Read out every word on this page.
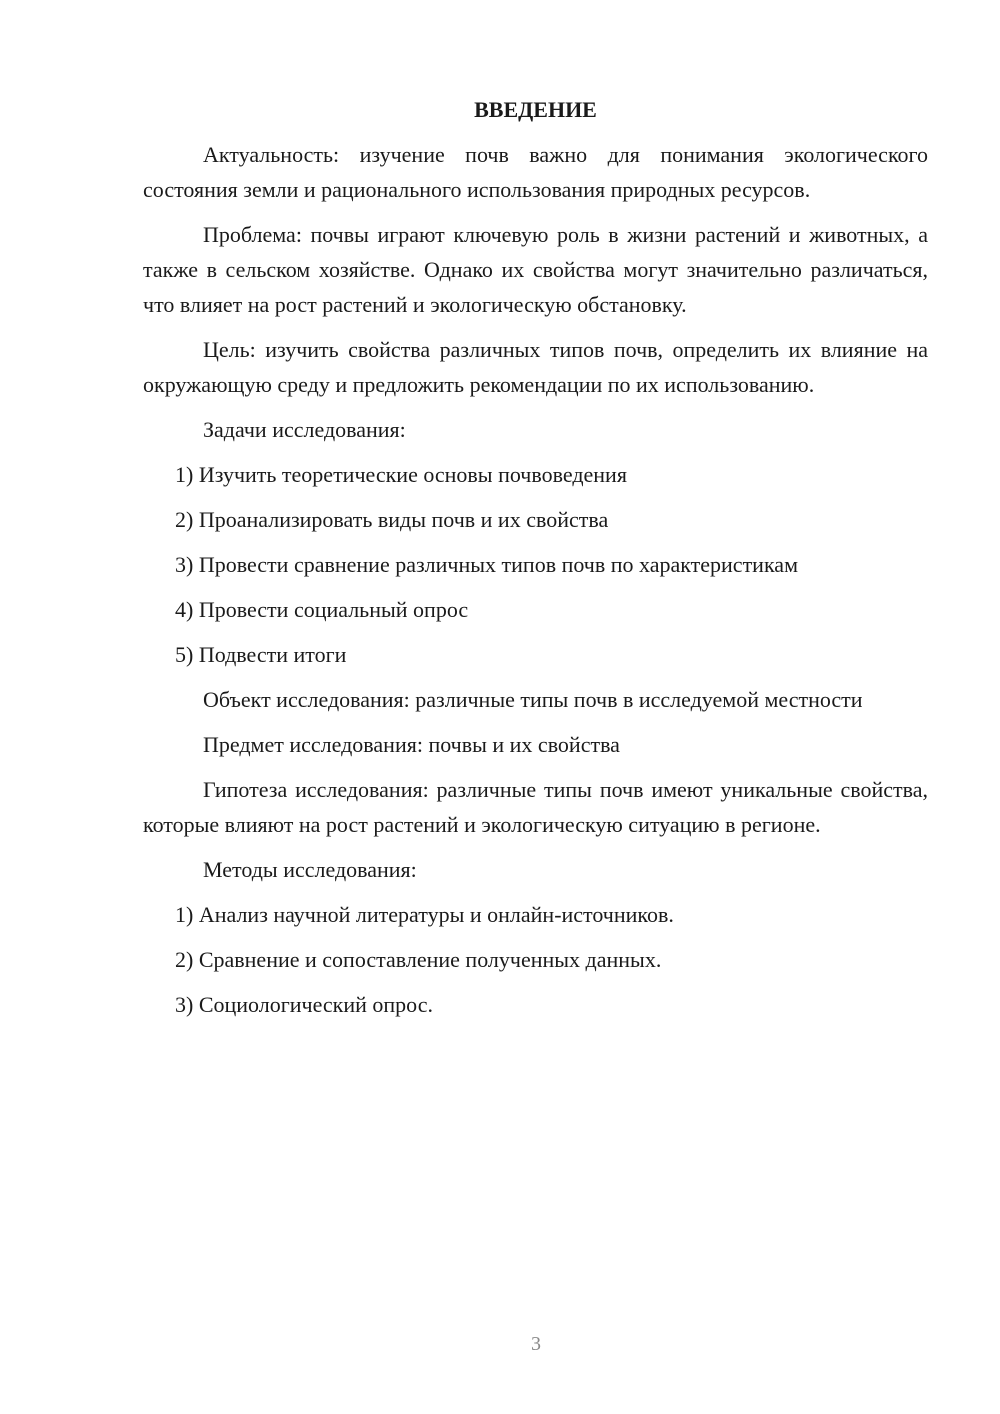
ВВЕДЕНИЕ

Актуальность: изучение почв важно для понимания экологического состояния земли и рационального использования природных ресурсов.

Проблема: почвы играют ключевую роль в жизни растений и животных, а также в сельском хозяйстве. Однако их свойства могут значительно различаться, что влияет на рост растений и экологическую обстановку.

Цель: изучить свойства различных типов почв, определить их влияние на окружающую среду и предложить рекомендации по их использованию.

Задачи исследования:

1) Изучить теоретические основы почвоведения
2) Проанализировать виды почв и их свойства
3) Провести сравнение различных типов почв по характеристикам
4) Провести социальный опрос
5) Подвести итоги

Объект исследования: различные типы почв в исследуемой местности

Предмет исследования: почвы и их свойства

Гипотеза исследования: различные типы почв имеют уникальные свойства, которые влияют на рост растений и экологическую ситуацию в регионе.

Методы исследования:

1) Анализ научной литературы и онлайн-источников.
2) Сравнение и сопоставление полученных данных.
3) Социологический опрос.
3
